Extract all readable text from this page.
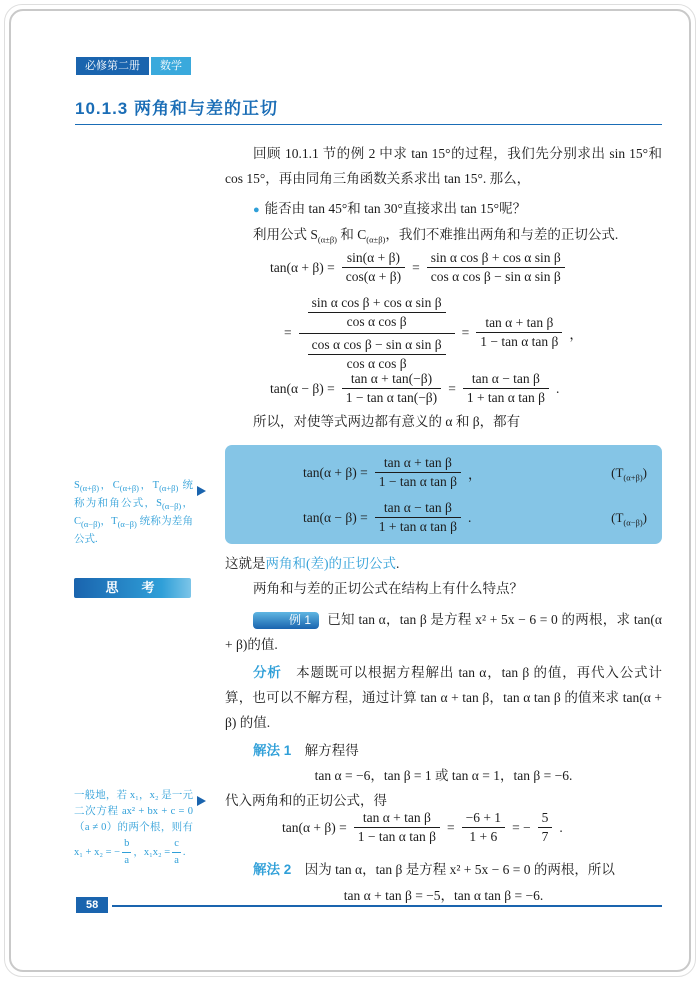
必修第二册	数学
10.1.3 两角和与差的正切

回顾 10.1.1 节的例 2 中求 tan 15°的过程，我们先分别求出 sin 15°和 cos 15°，再由同角三角函数关系求出 tan 15°. 那么，

● 能否由 tan 45°和 tan 30°直接求出 tan 15°呢？

利用公式 $S_{(\alpha\pm\beta)}$ 和 $C_{(\alpha\pm\beta)}$，我们不难推出两角和与差的正切公式.

$\tan(\alpha + \beta) = \frac{\sin(\alpha + \beta)}{\cos(\alpha + \beta)} = \frac{\text{sin α cos β + cos α sin β}}{\text{cos α cos β − sin α sin β}}$
= $\frac{\frac{\text{sin α cos β + cos α sin β}}{\text{cos α cos β}}}{\frac{\text{cos α cos β − sin α sin β}}{\text{cos α cos β}}} = \frac{\text{tan α + tan β}}{\text{1 − tan α tan β}}$ ，
$\tan(\alpha - \beta) = \frac{\text{tan α + tan(−β)}}{\text{1 − tan α tan(−β)}} = \frac{\text{tan α − tan β}}{\text{1 + tan α tan β}}$ .

所以，对使等式两边都有意义的 α 和 β，都有

$\tan(\alpha + \beta) = \frac{\text{tan α + tan β}}{\text{1 − tan α tan β}}$ ，	$(T_{(\alpha+\beta)})$
$\tan(\alpha - \beta) = \frac{\text{tan α − tan β}}{\text{1 + tan α tan β}}$ .	$(T_{(\alpha-\beta)})$
$S_{(\alpha+\beta)}$，$C_{(\alpha+\beta)}$，$T_{(\alpha+\beta)}$ 统称为和角公式，$S_{(\alpha-\beta)}$，$C_{(\alpha-\beta)}$，$T_{(\alpha-\beta)}$ 统称为差角公式.

这就是两角和(差)的正切公式.

思　考	两角和与差的正切公式在结构上有什么特点？

例 1 已知 tan α，tan β 是方程 x² + 5x − 6 = 0 的两根，求 tan(α + β)的值.

分析　本题既可以根据方程解出 tan α，tan β 的值，再代入公式计算，也可以不解方程，通过计算 tan α + tan β，tan α tan β 的值来求 tan(α + β) 的值.

解法 1　解方程得

tan α = −6，tan β = 1 或 tan α = 1，tan β = −6.

代入两角和的正切公式，得

$\tan(\alpha + \beta) = \frac{\text{tan α + tan β}}{\text{1 − tan α tan β}} = \frac{-6 + 1}{1 + 6}$ = − $\frac{5}{7}$ .
一般地，若 x₁，x₂ 是一元二次方程 ax² + bx + c = 0（a ≠ 0）的两个根，则有 x₁ + x₂ = − $\frac{b}{a}$ ，$x_1x_2 = \frac{c}{a}$ .

解法 2　因为 tan α，tan β 是方程 x² + 5x − 6 = 0 的两根，所以

tan α + tan β = −5，tan α tan β = −6.

58
